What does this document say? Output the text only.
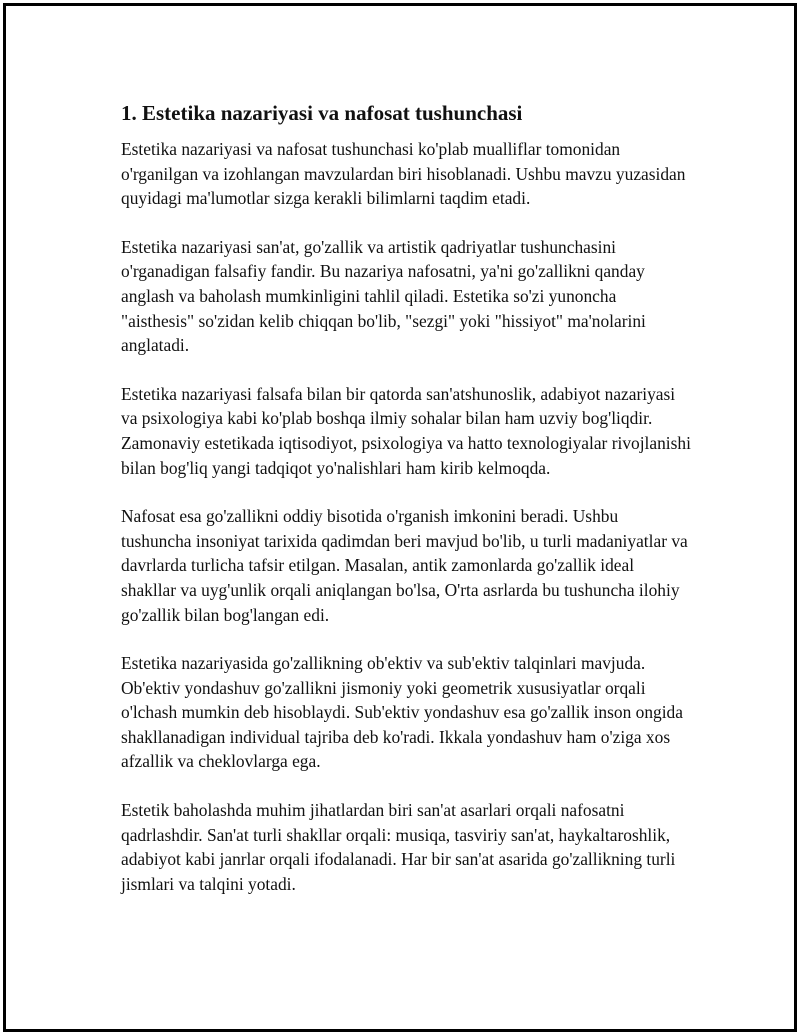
1. Estetika nazariyasi va nafosat tushunchasi

Estetika nazariyasi va nafosat tushunchasi ko'plab mualliflar tomonidan o'rganilgan va izohlangan mavzulardan biri hisoblanadi. Ushbu mavzu yuzasidan quyidagi ma'lumotlar sizga kerakli bilimlarni taqdim etadi.

Estetika nazariyasi san'at, go'zallik va artistik qadriyatlar tushunchasini o'rganadigan falsafiy fandir. Bu nazariya nafosatni, ya'ni go'zallikni qanday anglash va baholash mumkinligini tahlil qiladi. Estetika so'zi yunoncha "aisthesis" so'zidan kelib chiqqan bo'lib, "sezgi" yoki "hissiyot" ma'nolarini anglatadi.

Estetika nazariyasi falsafa bilan bir qatorda san'atshunoslik, adabiyot nazariyasi va psixologiya kabi ko'plab boshqa ilmiy sohalar bilan ham uzviy bog'liqdir. Zamonaviy estetikada iqtisodiyot, psixologiya va hatto texnologiyalar rivojlanishi bilan bog'liq yangi tadqiqot yo'nalishlari ham kirib kelmoqda.

Nafosat esa go'zallikni oddiy bisotida o'rganish imkonini beradi. Ushbu tushuncha insoniyat tarixida qadimdan beri mavjud bo'lib, u turli madaniyatlar va davrlarda turlicha tafsir etilgan. Masalan, antik zamonlarda go'zallik ideal shakllar va uyg'unlik orqali aniqlangan bo'lsa, O'rta asrlarda bu tushuncha ilohiy go'zallik bilan bog'langan edi.

Estetika nazariyasida go'zallikning ob'ektiv va sub'ektiv talqinlari mavjuda. Ob'ektiv yondashuv go'zallikni jismoniy yoki geometrik xususiyatlar orqali o'lchash mumkin deb hisoblaydi. Sub'ektiv yondashuv esa go'zallik inson ongida shakllanadigan individual tajriba deb ko'radi. Ikkala yondashuv ham o'ziga xos afzallik va cheklovlarga ega.

Estetik baholashda muhim jihatlardan biri san'at asarlari orqali nafosatni qadrlashdir. San'at turli shakllar orqali: musiqa, tasviriy san'at, haykaltaroshlik, adabiyot kabi janrlar orqali ifodalanadi. Har bir san'at asarida go'zallikning turli jismlari va talqini yotadi.
